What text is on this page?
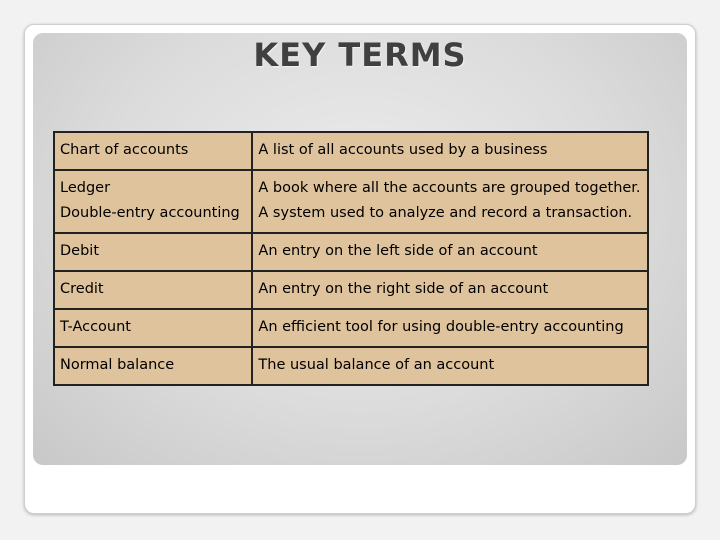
KEY TERMS
Chart of accounts	A list of all accounts used by a business
Ledger	A book where all the accounts are grouped together.
Double-entry accounting	A system used to analyze and record a transaction.
Debit	An entry on the left side of an account
Credit	An entry on the right side of an account
T-Account	An efficient tool for using double-entry accounting
Normal balance	The usual balance of an account
